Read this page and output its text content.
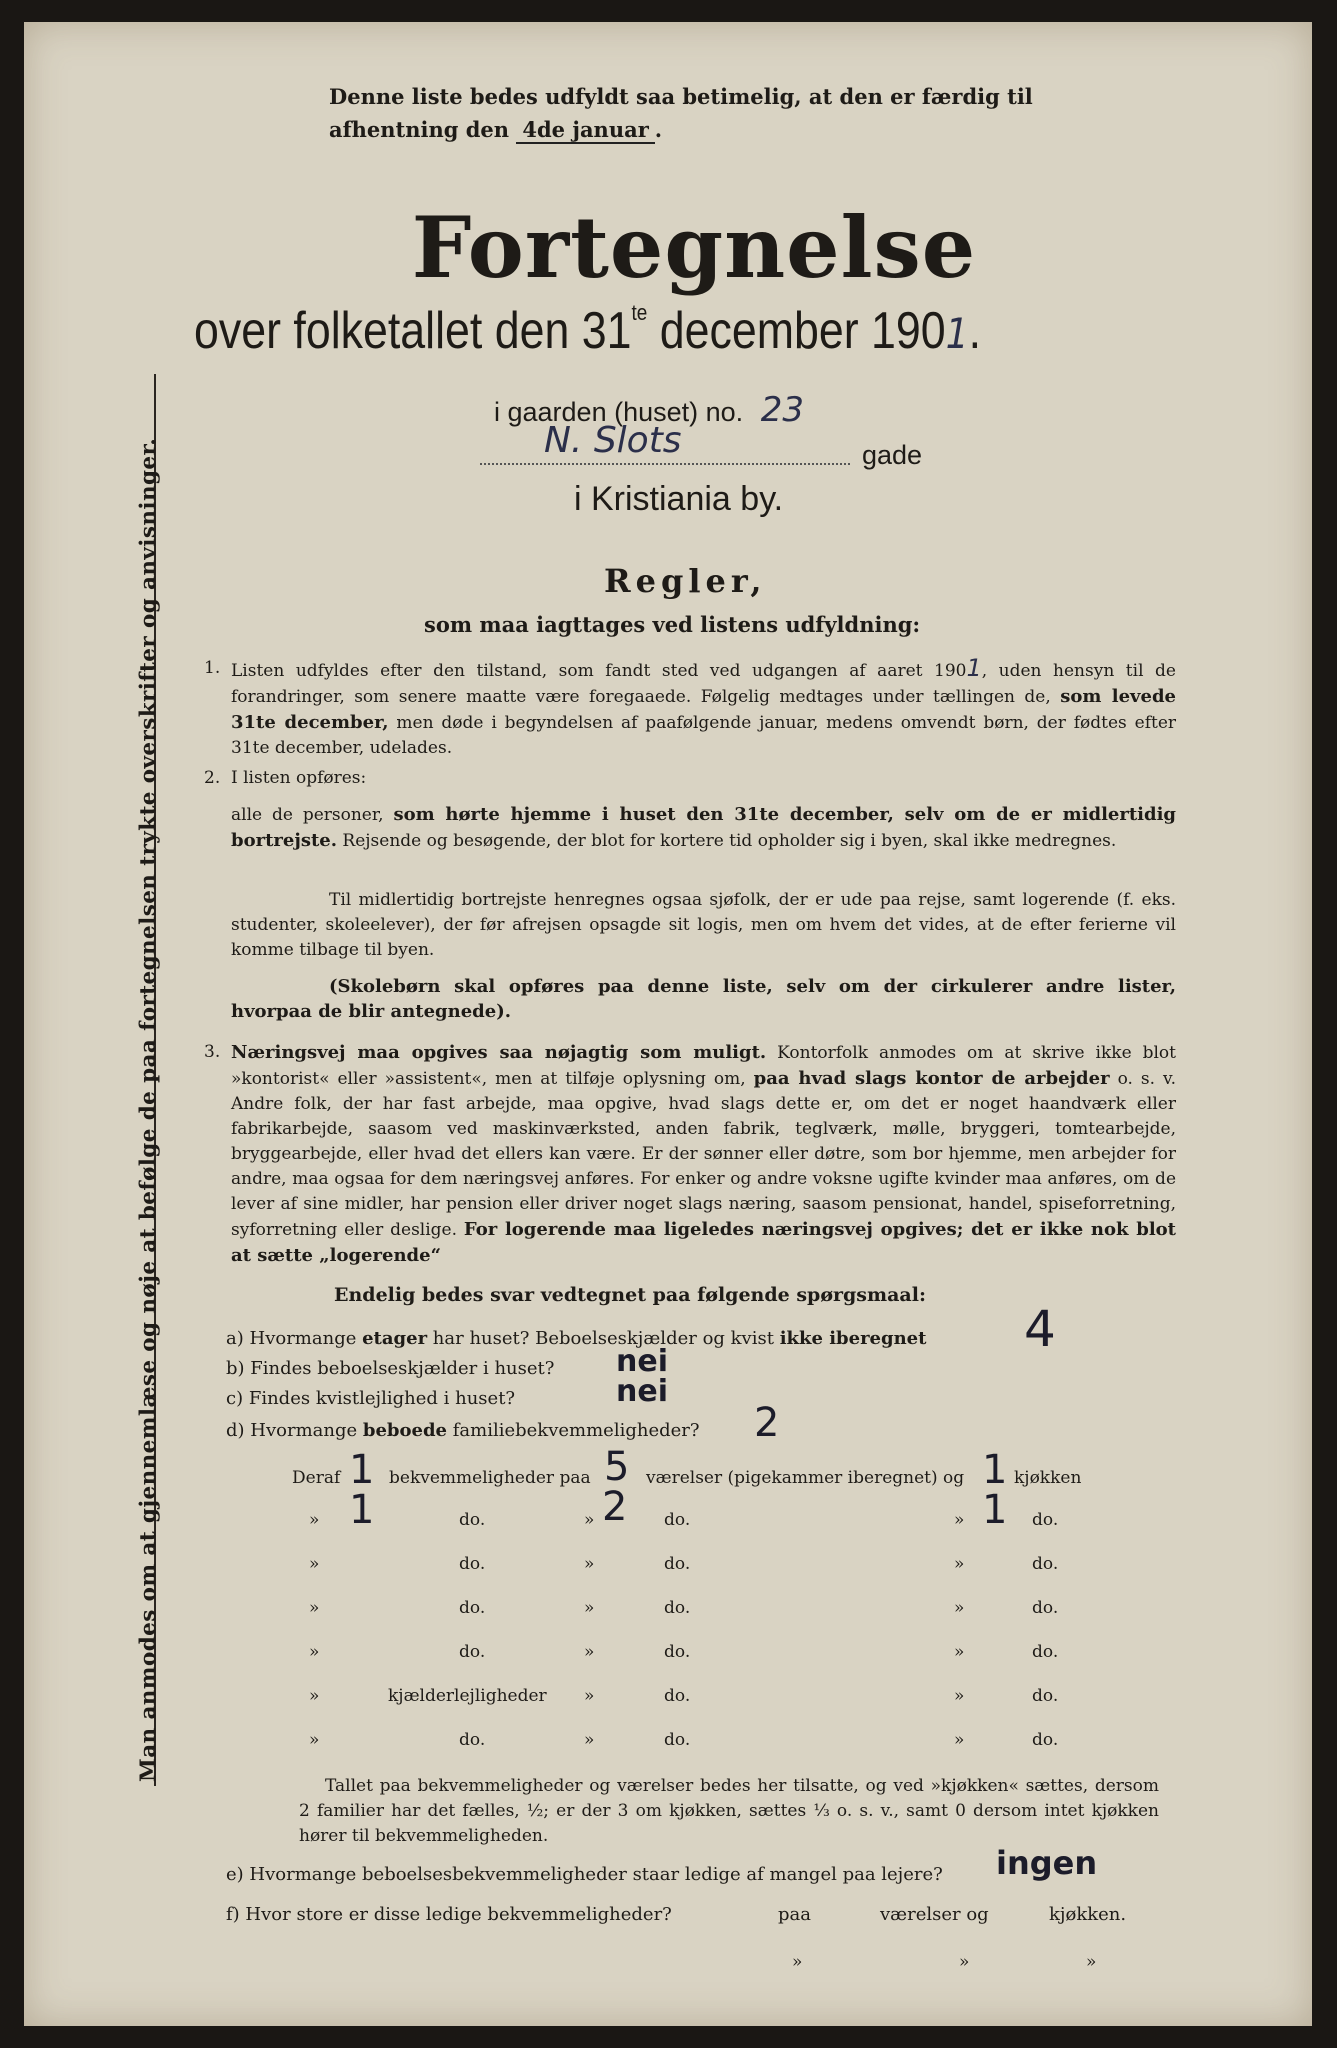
Man anmodes om at gjennemlæse og nøje at befølge de paa fortegnelsen trykte overskrifter og anvisninger.
Denne liste bedes udfyldt saa betimelig, at den er færdig til
afhentning den 4de januar .
Fortegnelse
over folketallet den $31^{te}$ december 1901.
i gaarden (huset) no. 23
N. Slots	gade
i Kristiania by.
Regler,
som maa iagttages ved listens udfyldning:
1. Listen udfyldes efter den tilstand, som fandt sted ved udgangen af aaret 1901, uden hensyn til de forandringer, som senere maatte være foregaaede. Følgelig medtages under tællingen de, som levede 31te december, men døde i begyndelsen af paafølgende januar, medens omvendt børn, der fødtes efter 31te december, udelades.
2. I listen opføres:
alle de personer, som hørte hjemme i huset den 31te december, selv om de er midlertidig bortrejste. Rejsende og besøgende, der blot for kortere tid opholder sig i byen, skal ikke medregnes.
Til midlertidig bortrejste henregnes ogsaa sjøfolk, der er ude paa rejse, samt logerende (f. eks. studenter, skoleelever), der før afrejsen opsagde sit logis, men om hvem det vides, at de efter ferierne vil komme tilbage til byen.
(Skolebørn skal opføres paa denne liste, selv om der cirkulerer andre lister, hvorpaa de blir antegnede).
3. Næringsvej maa opgives saa nøjagtig som muligt. Kontorfolk anmodes om at skrive ikke blot »kontorist« eller »assistent«, men at tilføje oplysning om, paa hvad slags kontor de arbejder o. s. v. Andre folk, der har fast arbejde, maa opgive, hvad slags dette er, om det er noget haandværk eller fabrikarbejde, saasom ved maskinværksted, anden fabrik, teglværk, mølle, bryggeri, tomtearbejde, bryggearbejde, eller hvad det ellers kan være. Er der sønner eller døtre, som bor hjemme, men arbejder for andre, maa ogsaa for dem næringsvej anføres. For enker og andre voksne ugifte kvinder maa anføres, om de lever af sine midler, har pension eller driver noget slags næring, saasom pensionat, handel, spiseforretning, syforretning eller deslige. For logerende maa ligeledes næringsvej opgives; det er ikke nok blot at sætte „logerende“
Endelig bedes svar vedtegnet paa følgende spørgsmaal:
a) Hvormange etager har huset? Beboelseskjælder og kvist ikke iberegnet 4
b) Findes beboelseskjælder i huset? nei
c) Findes kvistlejlighed i huset?	nei
d) Hvormange beboede familiebekvemmeligheder? 2
Deraf 1 bekvemmeligheder paa 5 værelser (pigekammer iberegnet) og 1 kjøkken
» 1	do.	» 2 do.	» 1 do.
»	do.	»	do.	»	do.
»	do.	»	do.	»	do.
»	do.	»	do.	»	do.
»	kjælderlejligheder »	do.	»	do.
»	do.	»	do.	»	do.
Tallet paa bekvemmeligheder og værelser bedes her tilsatte, og ved »kjøkken« sættes, dersom 2 familier har det fælles, ½; er der 3 om kjøkken, sættes ⅓ o. s. v., samt 0 dersom intet kjøkken hører til bekvemmeligheden.
e) Hvormange beboelsesbekvemmeligheder staar ledige af mangel paa lejere? ingen
f) Hvor store er disse ledige bekvemmeligheder?	paa	værelser og	kjøkken.
»	»	»
